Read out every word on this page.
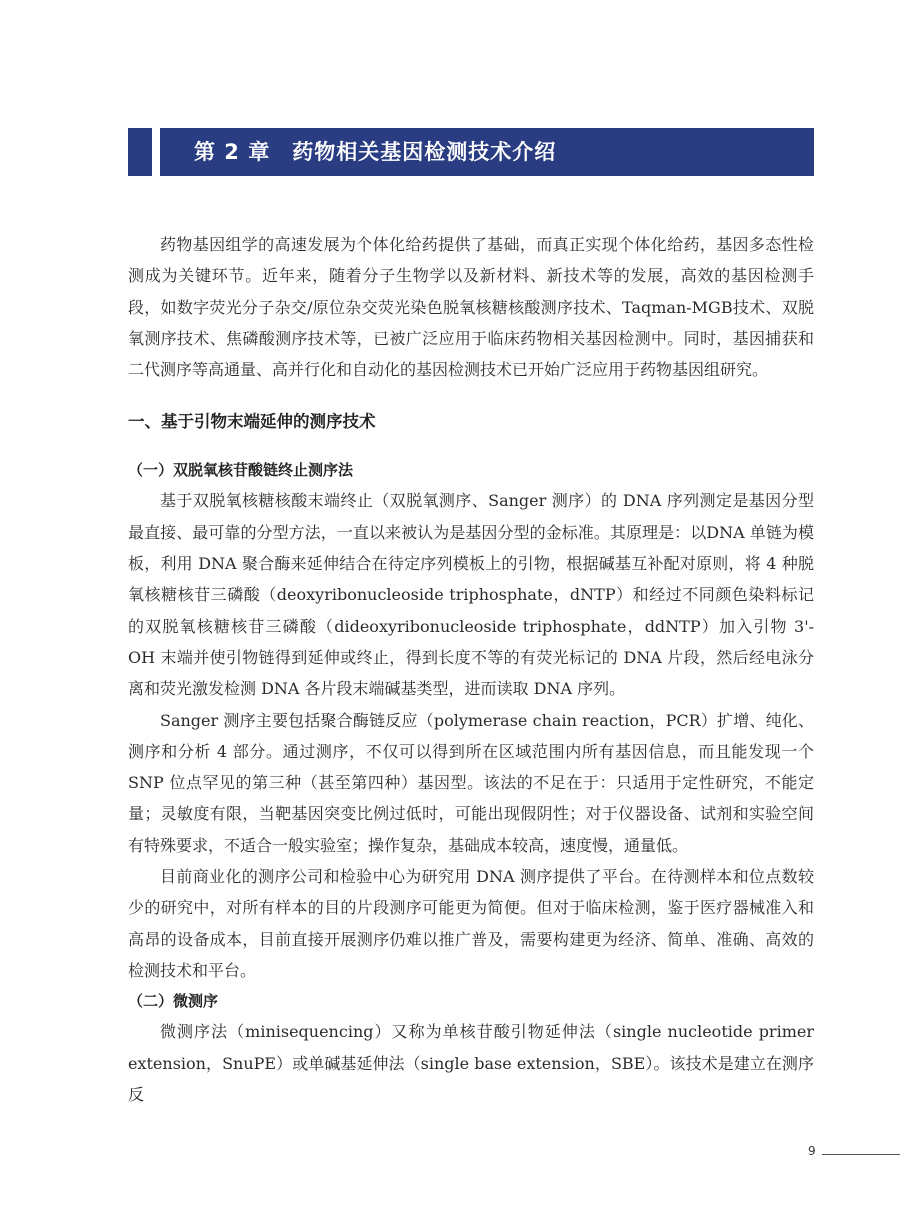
第 2 章　药物相关基因检测技术介绍

药物基因组学的高速发展为个体化给药提供了基础，而真正实现个体化给药，基因多态性检测成为关键环节。近年来，随着分子生物学以及新材料、新技术等的发展，高效的基因检测手段，如数字荧光分子杂交/原位杂交荧光染色脱氧核糖核酸测序技术、Taqman-MGB技术、双脱氧测序技术、焦磷酸测序技术等，已被广泛应用于临床药物相关基因检测中。同时，基因捕获和二代测序等高通量、高并行化和自动化的基因检测技术已开始广泛应用于药物基因组研究。

一、基于引物末端延伸的测序技术
（一）双脱氧核苷酸链终止测序法

基于双脱氧核糖核酸末端终止（双脱氧测序、Sanger 测序）的 DNA 序列测定是基因分型最直接、最可靠的分型方法，一直以来被认为是基因分型的金标准。其原理是：以DNA 单链为模板，利用 DNA 聚合酶来延伸结合在待定序列模板上的引物，根据碱基互补配对原则，将 4 种脱氧核糖核苷三磷酸（deoxyribonucleoside triphosphate，dNTP）和经过不同颜色染料标记的双脱氧核糖核苷三磷酸（dideoxyribonucleoside triphosphate，ddNTP）加入引物 3'-OH 末端并使引物链得到延伸或终止，得到长度不等的有荧光标记的 DNA 片段，然后经电泳分离和荧光激发检测 DNA 各片段末端碱基类型，进而读取 DNA 序列。

Sanger 测序主要包括聚合酶链反应（polymerase chain reaction，PCR）扩增、纯化、测序和分析 4 部分。通过测序，不仅可以得到所在区域范围内所有基因信息，而且能发现一个 SNP 位点罕见的第三种（甚至第四种）基因型。该法的不足在于：只适用于定性研究，不能定量；灵敏度有限，当靶基因突变比例过低时，可能出现假阴性；对于仪器设备、试剂和实验空间有特殊要求，不适合一般实验室；操作复杂，基础成本较高，速度慢，通量低。

目前商业化的测序公司和检验中心为研究用 DNA 测序提供了平台。在待测样本和位点数较少的研究中，对所有样本的目的片段测序可能更为简便。但对于临床检测，鉴于医疗器械准入和高昂的设备成本，目前直接开展测序仍难以推广普及，需要构建更为经济、简单、准确、高效的检测技术和平台。

（二）微测序

微测序法（minisequencing）又称为单核苷酸引物延伸法（single nucleotide primer extension，SnuPE）或单碱基延伸法（single base extension，SBE）。该技术是建立在测序反

9
